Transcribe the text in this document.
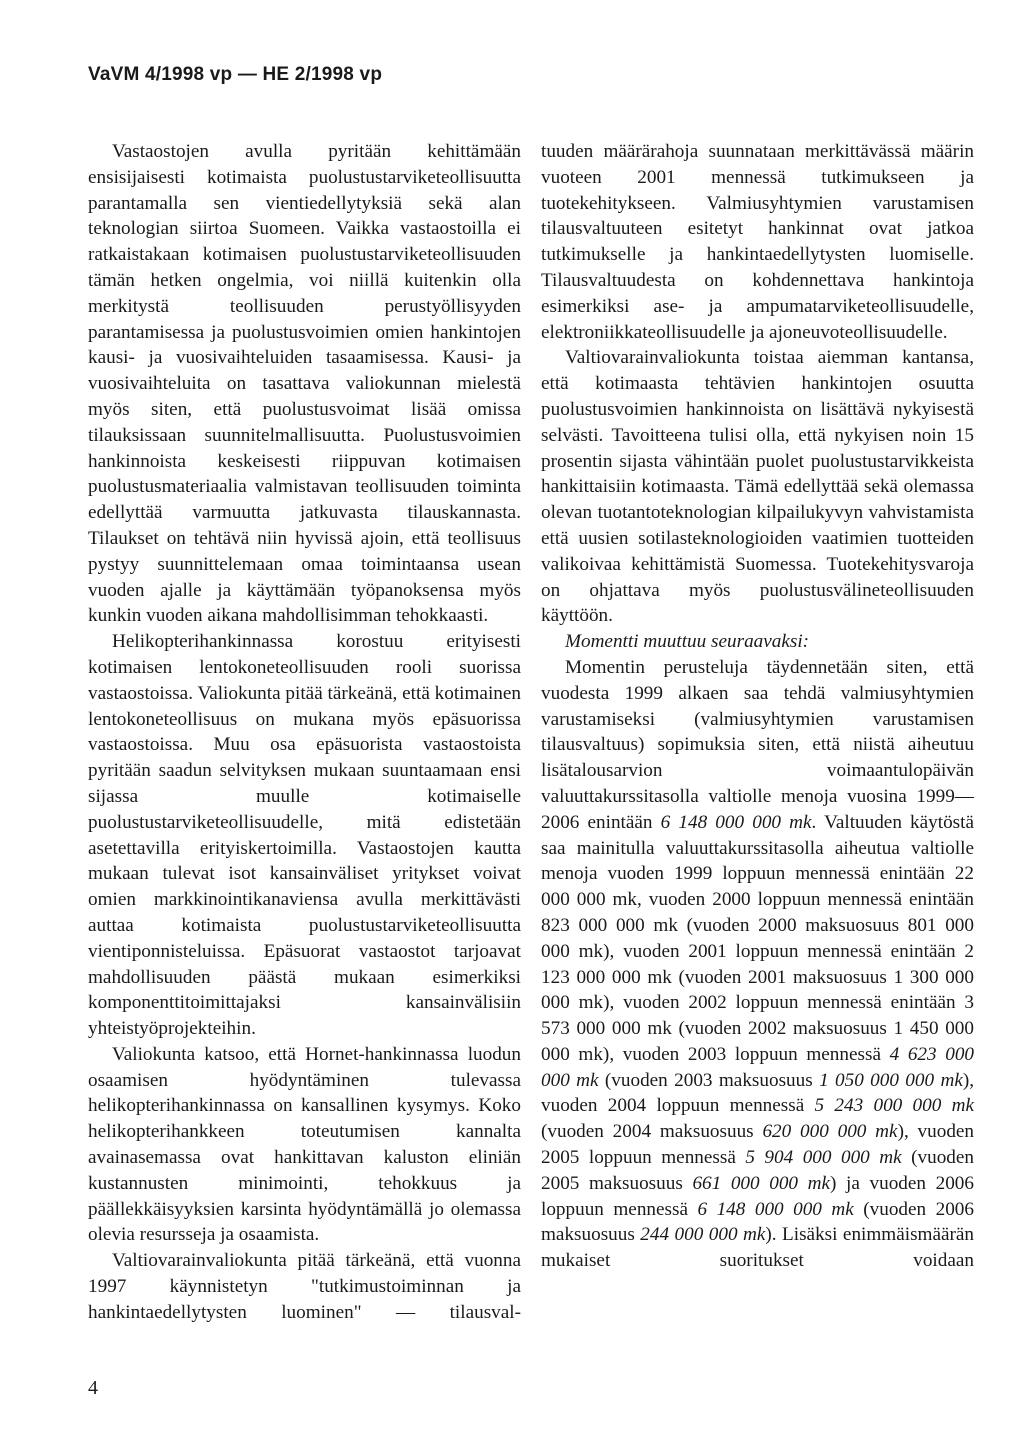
VaVM 4/1998 vp — HE 2/1998 vp

Vastaostojen avulla pyritään kehittämään ensisijaisesti kotimaista puolustustarviketeollisuutta parantamalla sen vientiedellytyksiä sekä alan teknologian siirtoa Suomeen. Vaikka vastaostoilla ei ratkaistakaan kotimaisen puolustustarviketeollisuuden tämän hetken ongelmia, voi niillä kuitenkin olla merkitystä teollisuuden perustyöllisyyden parantamisessa ja puolustusvoimien omien hankintojen kausi- ja vuosivaihteluiden tasaamisessa. Kausi- ja vuosivaihteluita on tasattava valiokunnan mielestä myös siten, että puolustusvoimat lisää omissa tilauksissaan suunnitelmallisuutta. Puolustusvoimien hankinnoista keskeisesti riippuvan kotimaisen puolustusmateriaalia valmistavan teollisuuden toiminta edellyttää varmuutta jatkuvasta tilauskannasta. Tilaukset on tehtävä niin hyvissä ajoin, että teollisuus pystyy suunnittelemaan omaa toimintaansa usean vuoden ajalle ja käyttämään työpanoksensa myös kunkin vuoden aikana mahdollisimman tehokkaasti.

Helikopterihankinnassa korostuu erityisesti kotimaisen lentokoneteollisuuden rooli suorissa vastaostoissa. Valiokunta pitää tärkeänä, että kotimainen lentokoneteollisuus on mukana myös epäsuorissa vastaostoissa. Muu osa epäsuorista vastaostoista pyritään saadun selvityksen mukaan suuntaamaan ensi sijassa muulle kotimaiselle puolustustarviketeollisuudelle, mitä edistetään asetettavilla erityiskertoimilla. Vastaostojen kautta mukaan tulevat isot kansainväliset yritykset voivat omien markkinointikanaviensa avulla merkittävästi auttaa kotimaista puolustustarviketeollisuutta vientiponnisteluissa. Epäsuorat vastaostot tarjoavat mahdollisuuden päästä mukaan esimerkiksi komponenttitoimittajaksi kansainvälisiin yhteistyöprojekteihin.

Valiokunta katsoo, että Hornet-hankinnassa luodun osaamisen hyödyntäminen tulevassa helikopterihankinnassa on kansallinen kysymys. Koko helikopterihankkeen toteutumisen kannalta avainasemassa ovat hankittavan kaluston eliniän kustannusten minimointi, tehokkuus ja päällekkäisyyksien karsinta hyödyntämällä jo olemassa olevia resursseja ja osaamista.

Valtiovarainvaliokunta pitää tärkeänä, että vuonna 1997 käynnistetyn "tutkimustoiminnan ja hankintaedellytysten luominen" — tilausval-

tuuden määrärahoja suunnataan merkittävässä määrin vuoteen 2001 mennessä tutkimukseen ja tuotekehitykseen. Valmiusyhtymien varustamisen tilausvaltuuteen esitetyt hankinnat ovat jatkoa tutkimukselle ja hankintaedellytysten luomiselle. Tilausvaltuudesta on kohdennettava hankintoja esimerkiksi ase- ja ampumatarviketeollisuudelle, elektroniikkateollisuudelle ja ajoneuvoteollisuudelle.

Valtiovarainvaliokunta toistaa aiemman kantansa, että kotimaasta tehtävien hankintojen osuutta puolustusvoimien hankinnoista on lisättävä nykyisestä selvästi. Tavoitteena tulisi olla, että nykyisen noin 15 prosentin sijasta vähintään puolet puolustustarvikkeista hankittaisiin kotimaasta. Tämä edellyttää sekä olemassa olevan tuotantoteknologian kilpailukyvyn vahvistamista että uusien sotilasteknologioiden vaatimien tuotteiden valikoivaa kehittämistä Suomessa. Tuotekehitysvaroja on ohjattava myös puolustusvälineteollisuuden käyttöön.

Momentti muuttuu seuraavaksi:

Momentin perusteluja täydennetään siten, että vuodesta 1999 alkaen saa tehdä valmiusyhtymien varustamiseksi (valmiusyhtymien varustamisen tilausvaltuus) sopimuksia siten, että niistä aiheutuu lisätalousarvion voimaantulopäivän valuuttakurssitasolla valtiolle menoja vuosina 1999—2006 enintään 6 148 000 000 mk. Valtuuden käytöstä saa mainitulla valuuttakurssitasolla aiheutua valtiolle menoja vuoden 1999 loppuun mennessä enintään 22 000 000 mk, vuoden 2000 loppuun mennessä enintään 823 000 000 mk (vuoden 2000 maksuosuus 801 000 000 mk), vuoden 2001 loppuun mennessä enintään 2 123 000 000 mk (vuoden 2001 maksuosuus 1 300 000 000 mk), vuoden 2002 loppuun mennessä enintään 3 573 000 000 mk (vuoden 2002 maksuosuus 1 450 000 000 mk), vuoden 2003 loppuun mennessä 4 623 000 000 mk (vuoden 2003 maksuosuus 1 050 000 000 mk), vuoden 2004 loppuun mennessä 5 243 000 000 mk (vuoden 2004 maksuosuus 620 000 000 mk), vuoden 2005 loppuun mennessä 5 904 000 000 mk (vuoden 2005 maksuosuus 661 000 000 mk) ja vuoden 2006 loppuun mennessä 6 148 000 000 mk (vuoden 2006 maksuosuus 244 000 000 mk). Lisäksi enimmäismäärän mukaiset suoritukset voidaan

4
